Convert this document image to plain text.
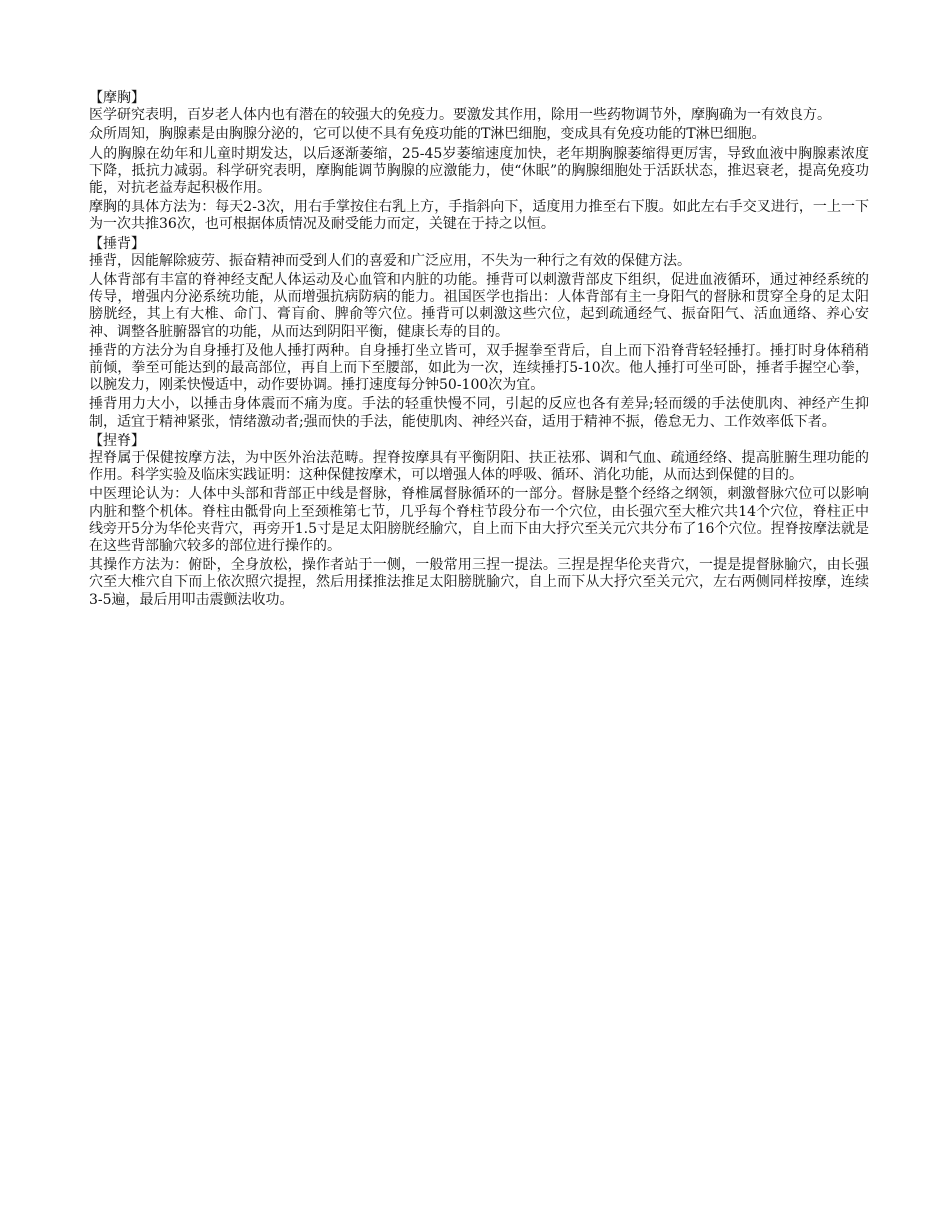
【摩胸】

医学研究表明，百岁老人体内也有潜在的较强大的免疫力。要激发其作用，除用一些药物调节外，摩胸确为一有效良方。

众所周知，胸腺素是由胸腺分泌的，它可以使不具有免疫功能的T淋巴细胞，变成具有免疫功能的T淋巴细胞。

人的胸腺在幼年和儿童时期发达，以后逐渐萎缩，25-45岁萎缩速度加快，老年期胸腺萎缩得更厉害，导致血液中胸腺素浓度下降，抵抗力减弱。科学研究表明，摩胸能调节胸腺的应激能力，使“休眠”的胸腺细胞处于活跃状态，推迟衰老，提高免疫功能，对抗老益寿起积极作用。

摩胸的具体方法为：每天2-3次，用右手掌按住右乳上方，手指斜向下，适度用力推至右下腹。如此左右手交叉进行，一上一下为一次共推36次，也可根据体质情况及耐受能力而定，关键在于持之以恒。

【捶背】

捶背，因能解除疲劳、振奋精神而受到人们的喜爱和广泛应用，不失为一种行之有效的保健方法。

人体背部有丰富的脊神经支配人体运动及心血管和内脏的功能。捶背可以刺激背部皮下组织，促进血液循环，通过神经系统的传导，增强内分泌系统功能，从而增强抗病防病的能力。祖国医学也指出：人体背部有主一身阳气的督脉和贯穿全身的足太阳膀胱经，其上有大椎、命门、膏肓俞、脾俞等穴位。捶背可以刺激这些穴位，起到疏通经气、振奋阳气、活血通络、养心安神、调整各脏腑器官的功能，从而达到阴阳平衡，健康长寿的目的。

捶背的方法分为自身捶打及他人捶打两种。自身捶打坐立皆可，双手握拳至背后，自上而下沿脊背轻轻捶打。捶打时身体稍稍前倾，拳至可能达到的最高部位，再自上而下至腰部，如此为一次，连续捶打5-10次。他人捶打可坐可卧，捶者手握空心拳，以腕发力，刚柔快慢适中，动作要协调。捶打速度每分钟50-100次为宜。

捶背用力大小，以捶击身体震而不痛为度。手法的轻重快慢不同，引起的反应也各有差异;轻而缓的手法使肌肉、神经产生抑制，适宜于精神紧张，情绪激动者;强而快的手法，能使肌肉、神经兴奋，适用于精神不振，倦怠无力、工作效率低下者。

【捏脊】

捏脊属于保健按摩方法，为中医外治法范畴。捏脊按摩具有平衡阴阳、扶正祛邪、调和气血、疏通经络、提高脏腑生理功能的作用。科学实验及临床实践证明：这种保健按摩术，可以增强人体的呼吸、循环、消化功能，从而达到保健的目的。

中医理论认为：人体中头部和背部正中线是督脉，脊椎属督脉循环的一部分。督脉是整个经络之纲领，刺激督脉穴位可以影响内脏和整个机体。脊柱由骶骨向上至颈椎第七节，几乎每个脊柱节段分布一个穴位，由长强穴至大椎穴共14个穴位，脊柱正中线旁开5分为华伦夹背穴，再旁开1.5寸是足太阳膀胱经腧穴，自上而下由大抒穴至关元穴共分布了16个穴位。捏脊按摩法就是在这些背部腧穴较多的部位进行操作的。

其操作方法为：俯卧，全身放松，操作者站于一侧，一般常用三捏一提法。三捏是捏华伦夹背穴，一提是提督脉腧穴，由长强穴至大椎穴自下而上依次照穴提捏，然后用揉推法推足太阳膀胱腧穴，自上而下从大抒穴至关元穴，左右两侧同样按摩，连续3-5遍，最后用叩击震颤法收功。
